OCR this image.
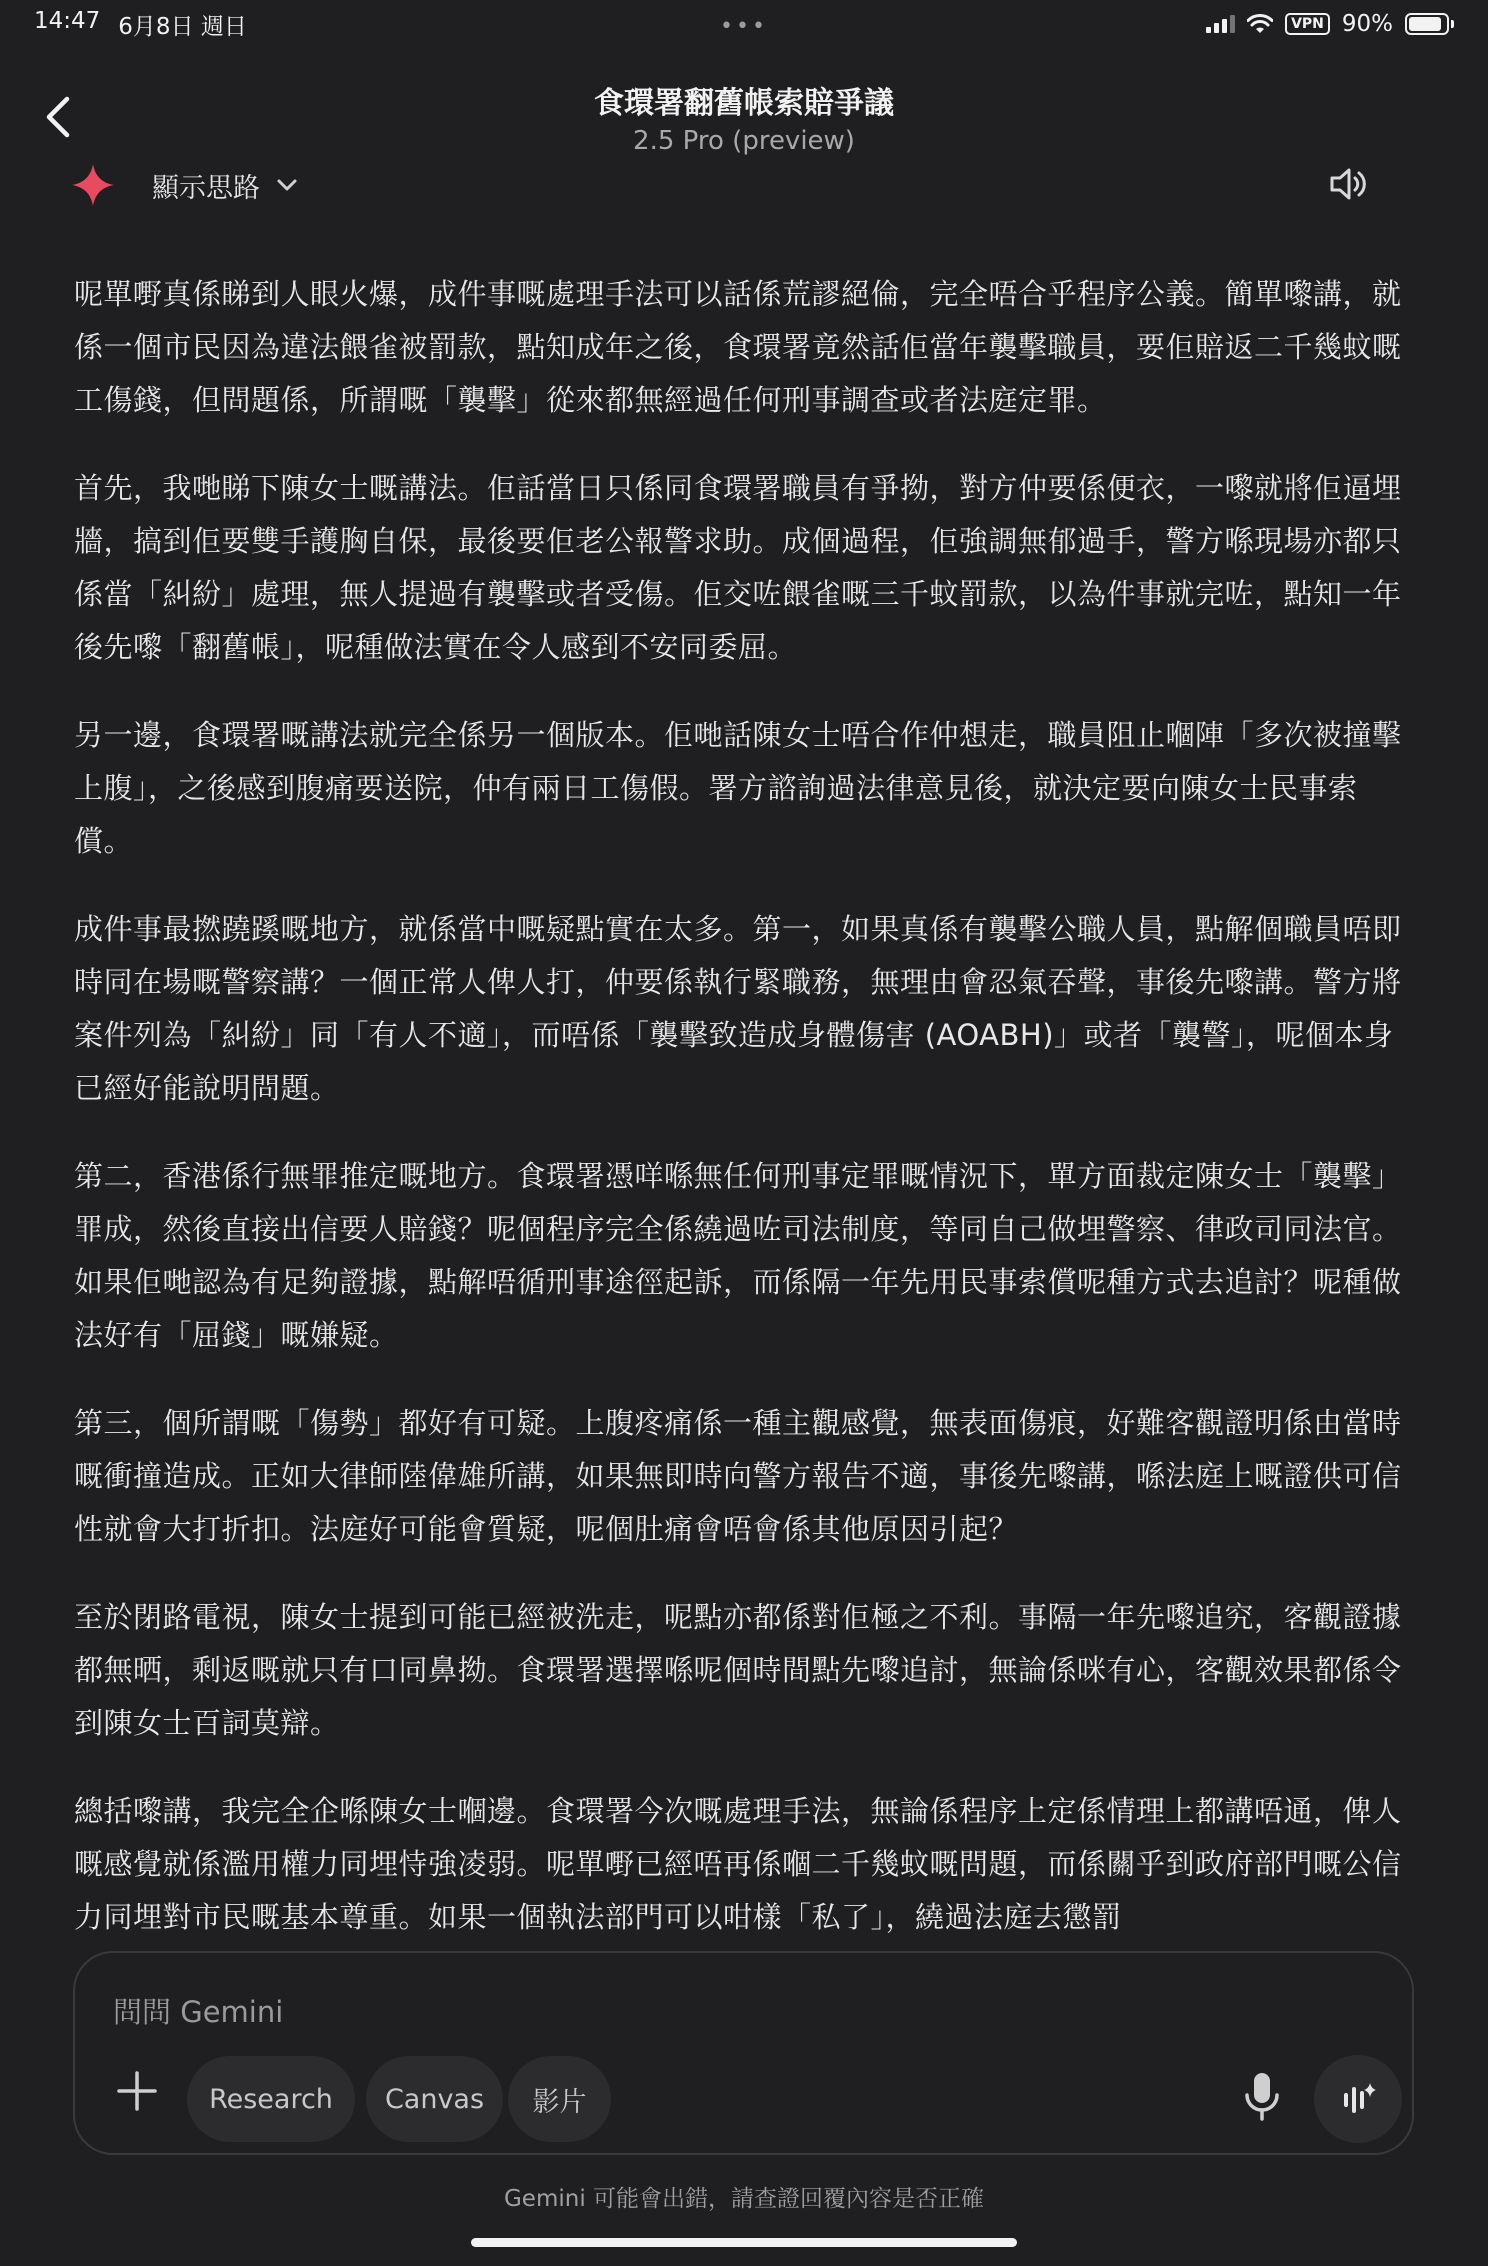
14:47 6月8日 週日	VPN 90%
•••
食環署翻舊帳索賠爭議
2.5 Pro (preview)
顯示思路

呢單嘢真係睇到人眼火爆，成件事嘅處理手法可以話係荒謬絕倫，完全唔合乎程序公義。簡單嚟講，就係一個市民因為違法餵雀被罰款，點知成年之後，食環署竟然話佢當年襲擊職員，要佢賠返二千幾蚊嘅工傷錢，但問題係，所謂嘅「襲擊」從來都無經過任何刑事調查或者法庭定罪。

首先，我哋睇下陳女士嘅講法。佢話當日只係同食環署職員有爭拗，對方仲要係便衣，一嚟就將佢逼埋牆，搞到佢要雙手護胸自保，最後要佢老公報警求助。成個過程，佢強調無郁過手，警方喺現場亦都只係當「糾紛」處理，無人提過有襲擊或者受傷。佢交咗餵雀嘅三千蚊罰款，以為件事就完咗，點知一年後先嚟「翻舊帳」，呢種做法實在令人感到不安同委屈。

另一邊，食環署嘅講法就完全係另一個版本。佢哋話陳女士唔合作仲想走，職員阻止嗰陣「多次被撞擊上腹」，之後感到腹痛要送院，仲有兩日工傷假。署方諮詢過法律意見後，就決定要向陳女士民事索償。

成件事最撚蹺蹊嘅地方，就係當中嘅疑點實在太多。第一，如果真係有襲擊公職人員，點解個職員唔即時同在場嘅警察講？一個正常人俾人打，仲要係執行緊職務，無理由會忍氣吞聲，事後先嚟講。警方將案件列為「糾紛」同「有人不適」，而唔係「襲擊致造成身體傷害 (AOABH)」或者「襲警」，呢個本身已經好能說明問題。

第二，香港係行無罪推定嘅地方。食環署憑咩喺無任何刑事定罪嘅情況下，單方面裁定陳女士「襲擊」罪成，然後直接出信要人賠錢？呢個程序完全係繞過咗司法制度，等同自己做埋警察、律政司同法官。如果佢哋認為有足夠證據，點解唔循刑事途徑起訴，而係隔一年先用民事索償呢種方式去追討？呢種做法好有「屈錢」嘅嫌疑。

第三，個所謂嘅「傷勢」都好有可疑。上腹疼痛係一種主觀感覺，無表面傷痕，好難客觀證明係由當時嘅衝撞造成。正如大律師陸偉雄所講，如果無即時向警方報告不適，事後先嚟講，喺法庭上嘅證供可信性就會大打折扣。法庭好可能會質疑，呢個肚痛會唔會係其他原因引起？

至於閉路電視，陳女士提到可能已經被洗走，呢點亦都係對佢極之不利。事隔一年先嚟追究，客觀證據都無晒，剩返嘅就只有口同鼻拗。食環署選擇喺呢個時間點先嚟追討，無論係咪有心，客觀效果都係令到陳女士百詞莫辯。

總括嚟講，我完全企喺陳女士嗰邊。食環署今次嘅處理手法，無論係程序上定係情理上都講唔通，俾人嘅感覺就係濫用權力同埋恃強凌弱。呢單嘢已經唔再係嗰二千幾蚊嘅問題，而係關乎到政府部門嘅公信力同埋對市民嘅基本尊重。如果一個執法部門可以咁樣「私了」，繞過法庭去懲罰

問問 Gemini
Research	Canvas	影片
Gemini 可能會出錯，請查證回覆內容是否正確
